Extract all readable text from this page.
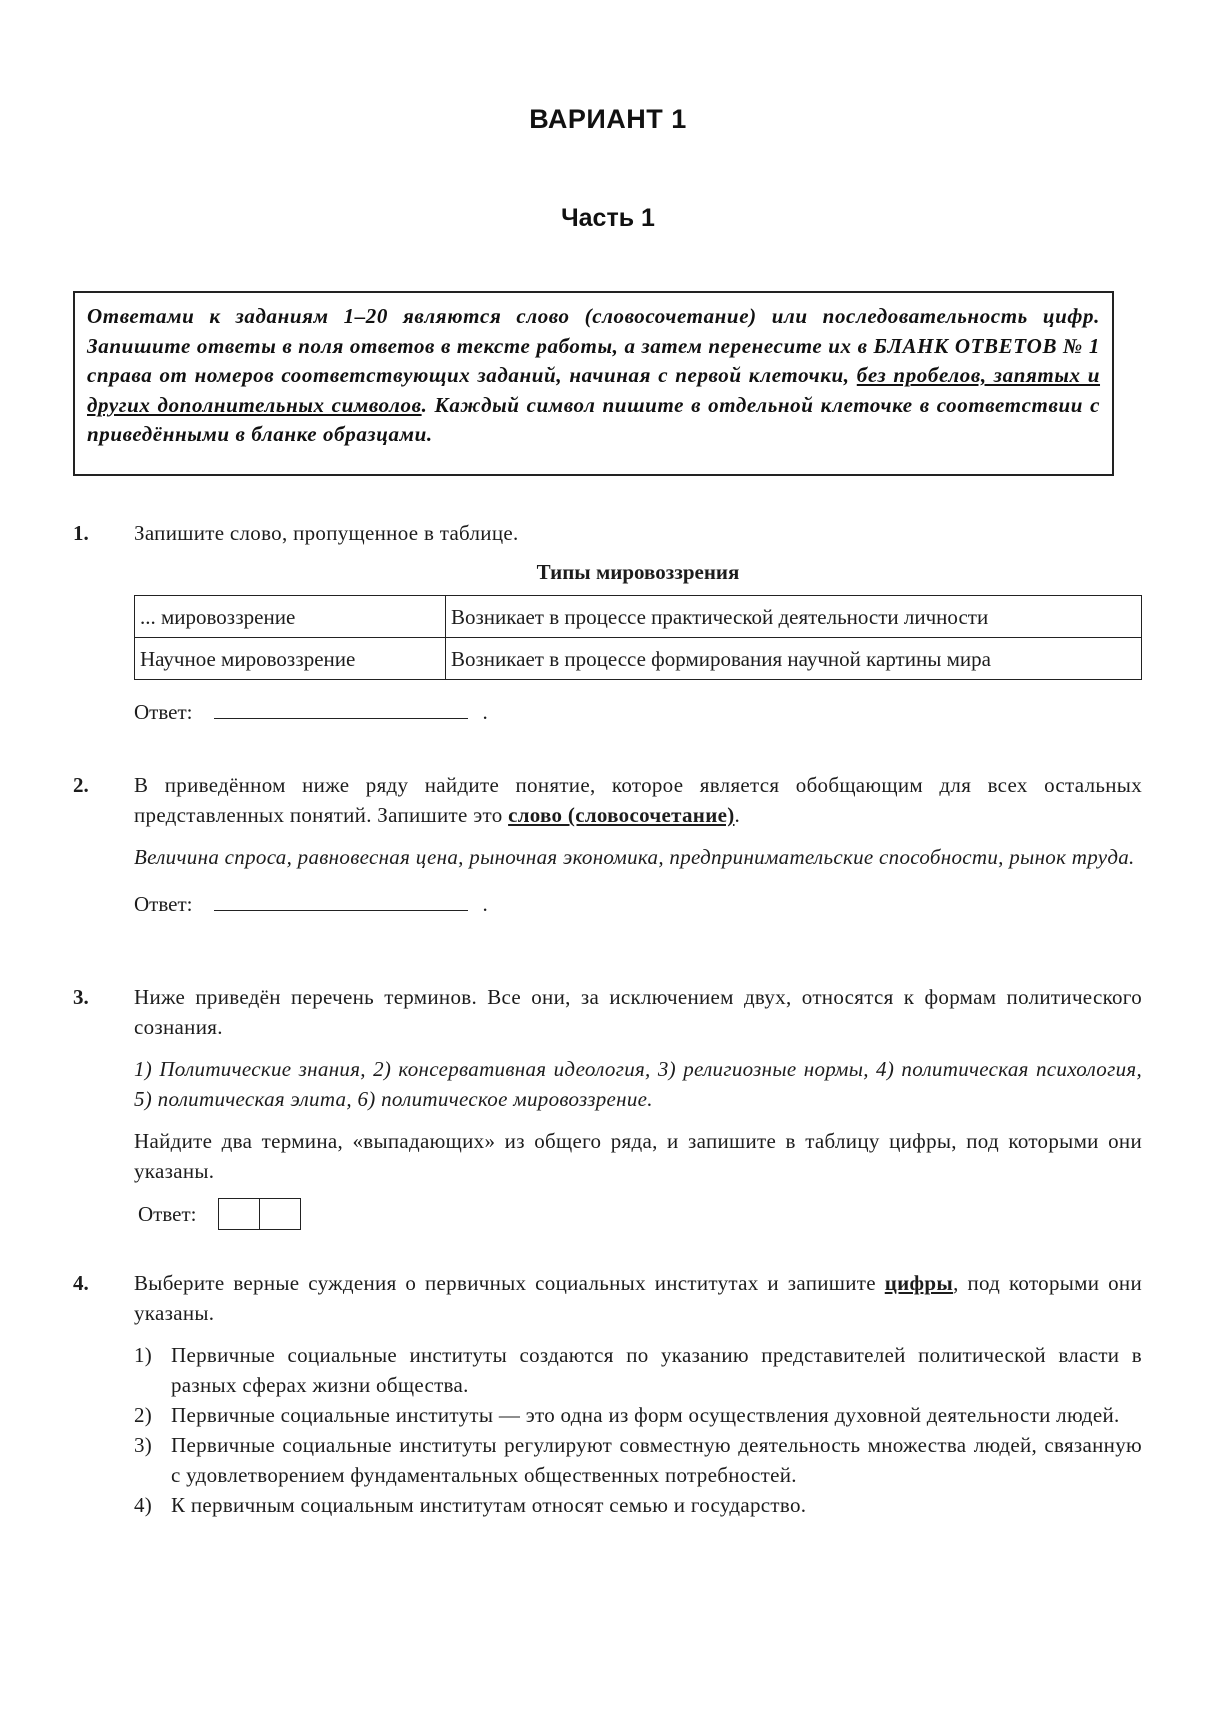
ВАРИАНТ 1
Часть 1
Ответами к заданиям 1–20 являются слово (словосочетание) или последовательность цифр. Запишите ответы в поля ответов в тексте работы, а затем перенесите их в БЛАНК ОТВЕТОВ № 1 справа от номеров соответствующих заданий, начиная с первой клеточки, без пробелов, запятых и других дополнительных символов. Каждый символ пишите в отдельной клеточке в соответствии с приведёнными в бланке образцами.
1. Запишите слово, пропущенное в таблице.

Типы мировоззрения

... мировоззрение	Возникает в процессе практической деятельности личности
Научное мировоззрение	Возникает в процессе формирования научной картины мира
Ответ:	.
2. В приведённом ниже ряду найдите понятие, которое является обобщающим для всех остальных представленных понятий. Запишите это слово (словосочетание).

Величина спроса, равновесная цена, рыночная экономика, предпринимательские способности, рынок труда.

Ответ:	.
3. Ниже приведён перечень терминов. Все они, за исключением двух, относятся к формам политического сознания.

1) Политические знания, 2) консервативная идеология, 3) религиозные нормы, 4) политическая психология, 5) политическая элита, 6) политическое мировоззрение.

Найдите два термина, «выпадающих» из общего ряда, и запишите в таблицу цифры, под которыми они указаны.

Ответ:
4. Выберите верные суждения о первичных социальных институтах и запишите цифры, под которыми они указаны.

1) Первичные социальные институты создаются по указанию представителей политической власти в разных сферах жизни общества.

2) Первичные социальные институты — это одна из форм осуществления духовной деятельности людей.

3) Первичные социальные институты регулируют совместную деятельность множества людей, связанную с удовлетворением фундаментальных общественных потребностей.

4) К первичным социальным институтам относят семью и государство.
